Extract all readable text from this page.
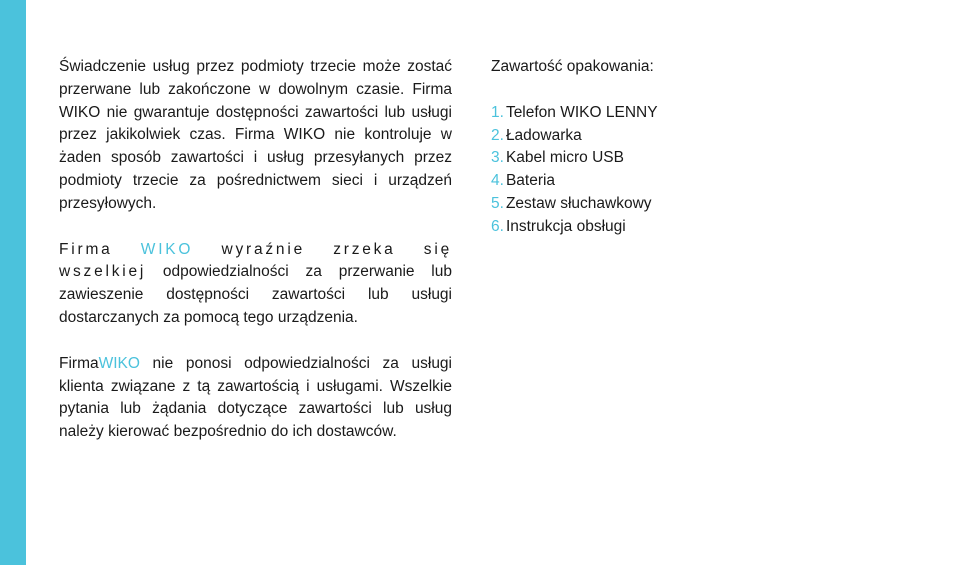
Świadczenie usług przez podmioty trzecie może zostać przerwane lub zakończone w dowolnym czasie. Firma WIKO nie gwarantuje dostępności zawartości lub usługi przez jakikolwiek czas. Firma WIKO nie kontroluje w żaden sposób zawartości i usług przesyłanych przez podmioty trzecie za pośrednictwem sieci i urządzeń przesyłowych.

Firma WIKO wyraźnie zrzeka się wszelkiej odpowiedzialności za przerwanie lub zawieszenie dostępności zawartości lub usługi dostarczanych za pomocą tego urządzenia.

FirmaWIKO nie ponosi odpowiedzialności za usługi klienta związane z tą zawartością i usługami. Wszelkie pytania lub żądania dotyczące zawartości lub usług należy kierować bezpośrednio do ich dostawców.

Zawartość opakowania:
1. Telefon WIKO LENNY
2. Ładowarka
3. Kabel micro USB
4. Bateria
5. Zestaw słuchawkowy
6. Instrukcja obsługi
